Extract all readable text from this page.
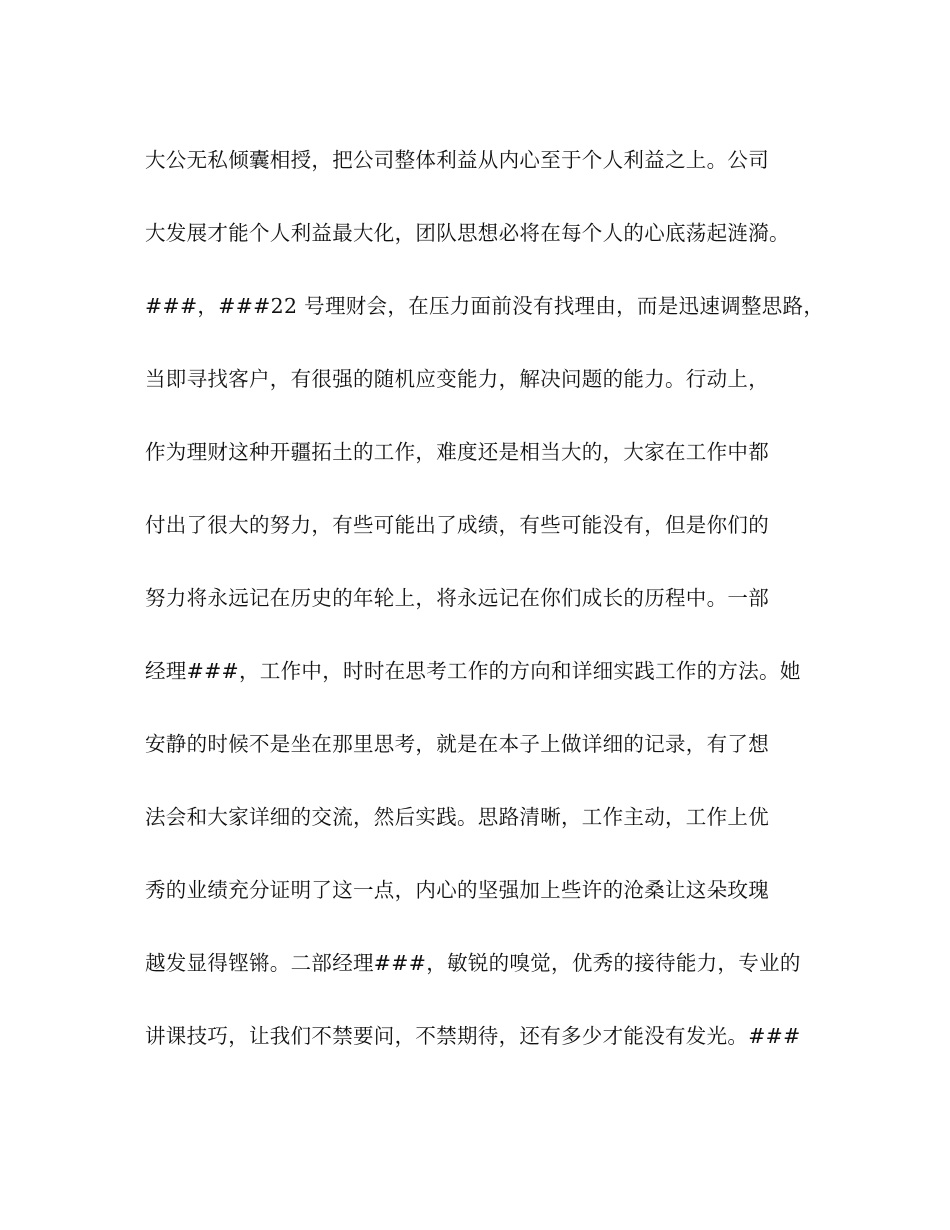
大公无私倾囊相授，把公司整体利益从内心至于个人利益之上。公司
大发展才能个人利益最大化，团队思想必将在每个人的心底荡起涟漪。
###，###22 号理财会，在压力面前没有找理由，而是迅速调整思路，
当即寻找客户，有很强的随机应变能力，解决问题的能力。行动上，
作为理财这种开疆拓土的工作，难度还是相当大的，大家在工作中都
付出了很大的努力，有些可能出了成绩，有些可能没有，但是你们的
努力将永远记在历史的年轮上，将永远记在你们成长的历程中。一部
经理###，工作中，时时在思考工作的方向和详细实践工作的方法。她
安静的时候不是坐在那里思考，就是在本子上做详细的记录，有了想
法会和大家详细的交流，然后实践。思路清晰，工作主动，工作上优
秀的业绩充分证明了这一点，内心的坚强加上些许的沧桑让这朵玫瑰
越发显得铿锵。二部经理###，敏锐的嗅觉，优秀的接待能力，专业的
讲课技巧，让我们不禁要问，不禁期待，还有多少才能没有发光。###
